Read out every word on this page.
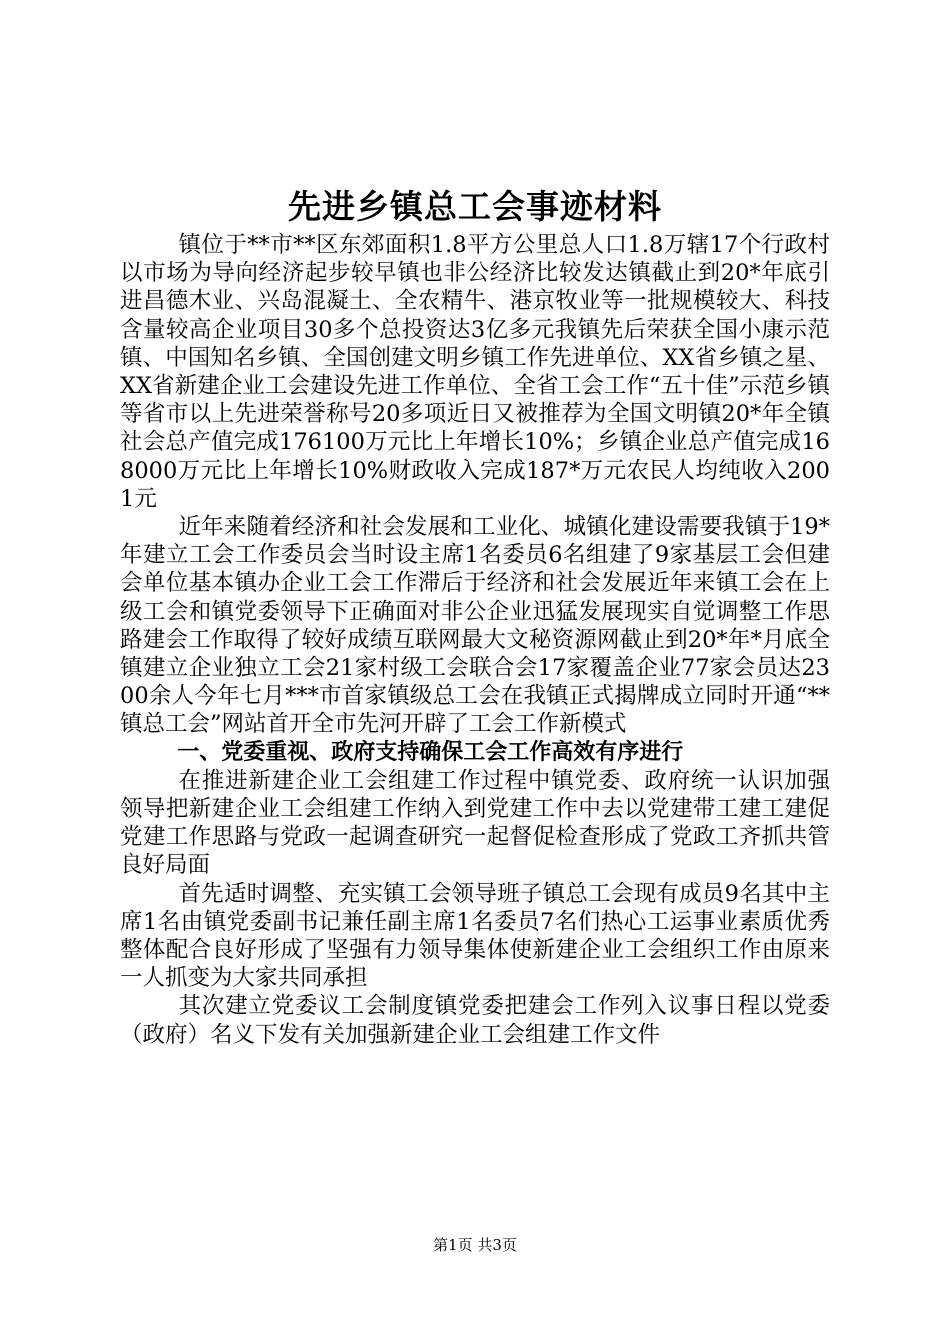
先进乡镇总工会事迹材料

镇位于**市**区东郊面积1.8平方公里总人口1.8万辖17个行政村以市场为导向经济起步较早镇也非公经济比较发达镇截止到20*年底引进昌德木业、兴岛混凝土、全农精牛、港京牧业等一批规模较大、科技含量较高企业项目30多个总投资达3亿多元我镇先后荣获全国小康示范镇、中国知名乡镇、全国创建文明乡镇工作先进单位、XX省乡镇之星、XX省新建企业工会建设先进工作单位、全省工会工作“五十佳”示范乡镇等省市以上先进荣誉称号20多项近日又被推荐为全国文明镇20*年全镇社会总产值完成176100万元比上年增长10%；乡镇企业总产值完成168000万元比上年增长10%财政收入完成187*万元农民人均纯收入2001元

近年来随着经济和社会发展和工业化、城镇化建设需要我镇于19*年建立工会工作委员会当时设主席1名委员6名组建了9家基层工会但建会单位基本镇办企业工会工作滞后于经济和社会发展近年来镇工会在上级工会和镇党委领导下正确面对非公企业迅猛发展现实自觉调整工作思路建会工作取得了较好成绩互联网最大文秘资源网截止到20*年*月底全镇建立企业独立工会21家村级工会联合会17家覆盖企业77家会员达2300余人今年七月***市首家镇级总工会在我镇正式揭牌成立同时开通“**镇总工会”网站首开全市先河开辟了工会工作新模式

一、党委重视、政府支持确保工会工作高效有序进行

在推进新建企业工会组建工作过程中镇党委、政府统一认识加强领导把新建企业工会组建工作纳入到党建工作中去以党建带工建工建促党建工作思路与党政一起调查研究一起督促检查形成了党政工齐抓共管良好局面

首先适时调整、充实镇工会领导班子镇总工会现有成员9名其中主席1名由镇党委副书记兼任副主席1名委员7名们热心工运事业素质优秀整体配合良好形成了坚强有力领导集体使新建企业工会组织工作由原来一人抓变为大家共同承担

其次建立党委议工会制度镇党委把建会工作列入议事日程以党委（政府）名义下发有关加强新建企业工会组建工作文件

第1页 共3页
